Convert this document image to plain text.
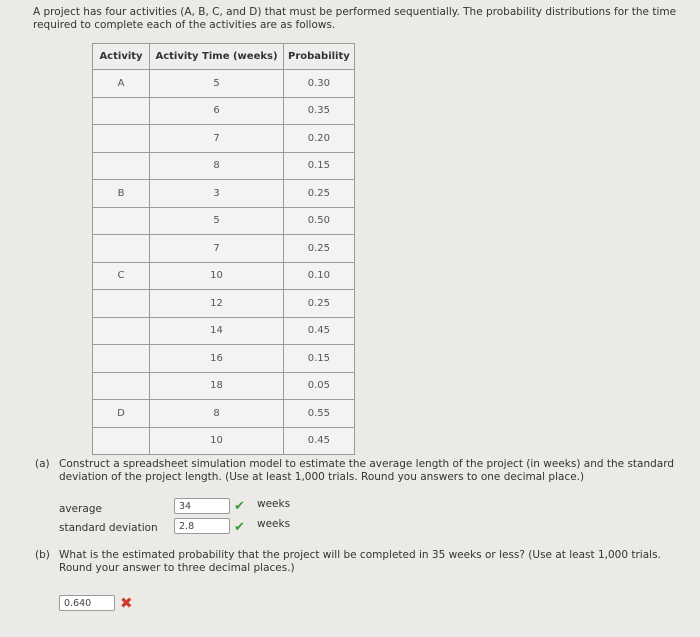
A project has four activities (A, B, C, and D) that must be performed sequentially. The probability distributions for the time required to complete each of the activities are as follows.
Activity	Activity Time (weeks)	Probability
A	5	0.30
	6	0.35
	7	0.20
	8	0.15
B	3	0.25
	5	0.50
	7	0.25
C	10	0.10
	12	0.25
	14	0.45
	16	0.15
	18	0.05
D	8	0.55
	10	0.45
(a) Construct a spreadsheet simulation model to estimate the average length of the project (in weeks) and the standard deviation of the project length. (Use at least 1,000 trials. Round you answers to one decimal place.)
average	34	✔ weeks
standard deviation	2.8	✔ weeks
(b) What is the estimated probability that the project will be completed in 35 weeks or less? (Use at least 1,000 trials. Round your answer to three decimal places.)
0.640	✖
